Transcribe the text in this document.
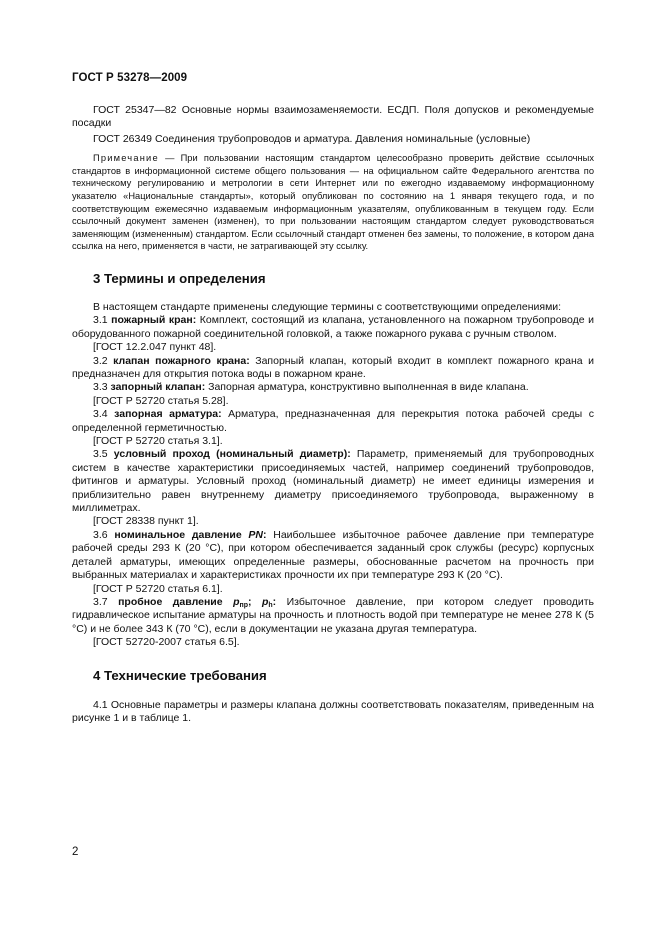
ГОСТ Р 53278—2009

ГОСТ 25347—82 Основные нормы взаимозаменяемости. ЕСДП. Поля допусков и рекомендуемые посадки

ГОСТ 26349 Соединения трубопроводов и арматура. Давления номинальные (условные)

Примечание — При пользовании настоящим стандартом целесообразно проверить действие ссылочных стандартов в информационной системе общего пользования — на официальном сайте Федерального агентства по техническому регулированию и метрологии в сети Интернет или по ежегодно издаваемому информационному указателю «Национальные стандарты», который опубликован по состоянию на 1 января текущего года, и по соответствующим ежемесячно издаваемым информационным указателям, опубликованным в текущем году. Если ссылочный документ заменен (изменен), то при пользовании настоящим стандартом следует руководствоваться заменяющим (измененным) стандартом. Если ссылочный стандарт отменен без замены, то положение, в котором дана ссылка на него, применяется в части, не затрагивающей эту ссылку.

3 Термины и определения

В настоящем стандарте применены следующие термины с соответствующими определениями:

3.1 пожарный кран: Комплект, состоящий из клапана, установленного на пожарном трубопроводе и оборудованного пожарной соединительной головкой, а также пожарного рукава с ручным стволом.

[ГОСТ 12.2.047 пункт 48].

3.2 клапан пожарного крана: Запорный клапан, который входит в комплект пожарного крана и предназначен для открытия потока воды в пожарном кране.

3.3 запорный клапан: Запорная арматура, конструктивно выполненная в виде клапана.

[ГОСТ Р 52720 статья 5.28].

3.4 запорная арматура: Арматура, предназначенная для перекрытия потока рабочей среды с определенной герметичностью.

[ГОСТ Р 52720 статья 3.1].

3.5 условный проход (номинальный диаметр): Параметр, применяемый для трубопроводных систем в качестве характеристики присоединяемых частей, например соединений трубопроводов, фитингов и арматуры. Условный проход (номинальный диаметр) не имеет единицы измерения и приблизительно равен внутреннему диаметру присоединяемого трубопровода, выраженному в миллиметрах.

[ГОСТ 28338 пункт 1].

3.6 номинальное давление PN: Наибольшее избыточное рабочее давление при температуре рабочей среды 293 К (20 °С), при котором обеспечивается заданный срок службы (ресурс) корпусных деталей арматуры, имеющих определенные размеры, обоснованные расчетом на прочность при выбранных материалах и характеристиках прочности их при температуре 293 К (20 °С).

[ГОСТ Р 52720 статья 6.1].

3.7 пробное давление $p_{пр}$; $p_h$: Избыточное давление, при котором следует проводить гидравлическое испытание арматуры на прочность и плотность водой при температуре не менее 278 К (5 °С) и не более 343 К (70 °С), если в документации не указана другая температура.

[ГОСТ 52720-2007 статья 6.5].

4 Технические требования

4.1 Основные параметры и размеры клапана должны соответствовать показателям, приведенным на рисунке 1 и в таблице 1.

2
